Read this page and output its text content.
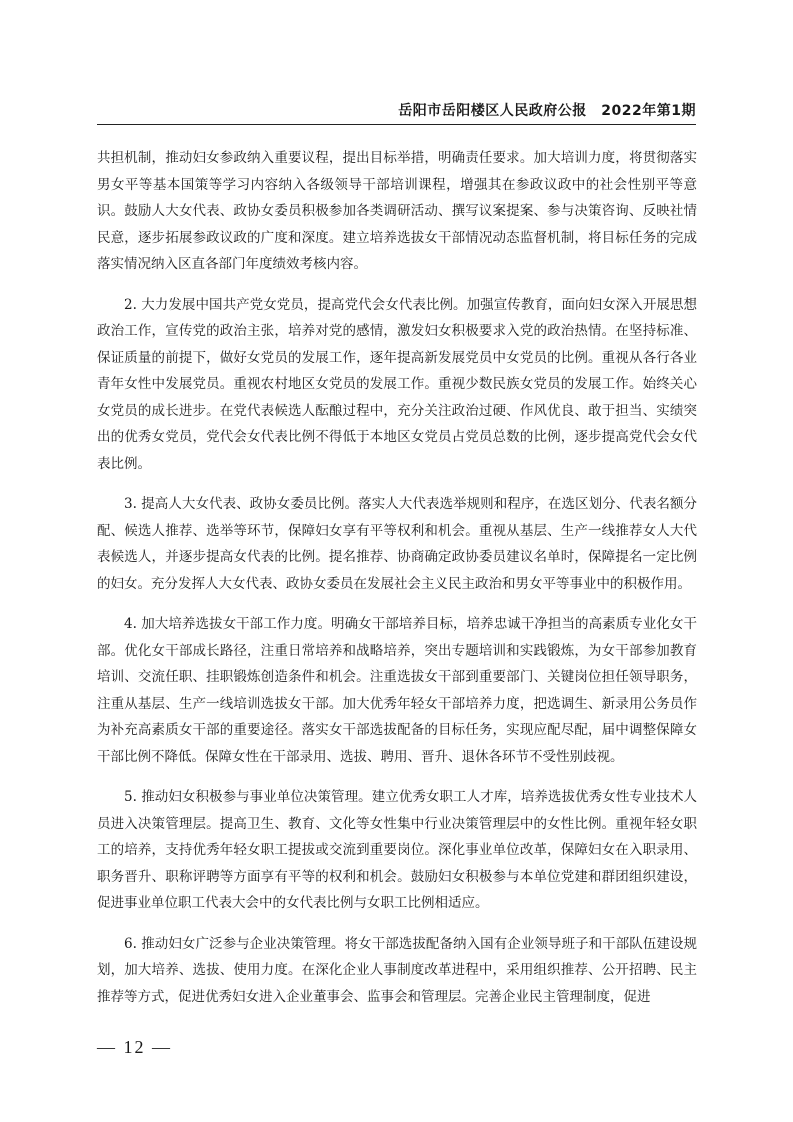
岳阳市岳阳楼区人民政府公报　2022年第1期

共担机制，推动妇女参政纳入重要议程，提出目标举措，明确责任要求。加大培训力度，将贯彻落实男女平等基本国策等学习内容纳入各级领导干部培训课程，增强其在参政议政中的社会性别平等意识。鼓励人大女代表、政协女委员积极参加各类调研活动、撰写议案提案、参与决策咨询、反映社情民意，逐步拓展参政议政的广度和深度。建立培养选拔女干部情况动态监督机制，将目标任务的完成落实情况纳入区直各部门年度绩效考核内容。

2. 大力发展中国共产党女党员，提高党代会女代表比例。加强宣传教育，面向妇女深入开展思想政治工作，宣传党的政治主张，培养对党的感情，激发妇女积极要求入党的政治热情。在坚持标准、保证质量的前提下，做好女党员的发展工作，逐年提高新发展党员中女党员的比例。重视从各行各业青年女性中发展党员。重视农村地区女党员的发展工作。重视少数民族女党员的发展工作。始终关心女党员的成长进步。在党代表候选人酝酿过程中，充分关注政治过硬、作风优良、敢于担当、实绩突出的优秀女党员，党代会女代表比例不得低于本地区女党员占党员总数的比例，逐步提高党代会女代表比例。

3. 提高人大女代表、政协女委员比例。落实人大代表选举规则和程序，在选区划分、代表名额分配、候选人推荐、选举等环节，保障妇女享有平等权利和机会。重视从基层、生产一线推荐女人大代表候选人，并逐步提高女代表的比例。提名推荐、协商确定政协委员建议名单时，保障提名一定比例的妇女。充分发挥人大女代表、政协女委员在发展社会主义民主政治和男女平等事业中的积极作用。

4. 加大培养选拔女干部工作力度。明确女干部培养目标，培养忠诚干净担当的高素质专业化女干部。优化女干部成长路径，注重日常培养和战略培养，突出专题培训和实践锻炼，为女干部参加教育培训、交流任职、挂职锻炼创造条件和机会。注重选拔女干部到重要部门、关键岗位担任领导职务，注重从基层、生产一线培训选拔女干部。加大优秀年轻女干部培养力度，把选调生、新录用公务员作为补充高素质女干部的重要途径。落实女干部选拔配备的目标任务，实现应配尽配，届中调整保障女干部比例不降低。保障女性在干部录用、选拔、聘用、晋升、退休各环节不受性别歧视。

5. 推动妇女积极参与事业单位决策管理。建立优秀女职工人才库，培养选拔优秀女性专业技术人员进入决策管理层。提高卫生、教育、文化等女性集中行业决策管理层中的女性比例。重视年轻女职工的培养，支持优秀年轻女职工提拔或交流到重要岗位。深化事业单位改革，保障妇女在入职录用、职务晋升、职称评聘等方面享有平等的权利和机会。鼓励妇女积极参与本单位党建和群团组织建设，促进事业单位职工代表大会中的女代表比例与女职工比例相适应。

6. 推动妇女广泛参与企业决策管理。将女干部选拔配备纳入国有企业领导班子和干部队伍建设规划，加大培养、选拔、使用力度。在深化企业人事制度改革进程中，采用组织推荐、公开招聘、民主推荐等方式，促进优秀妇女进入企业董事会、监事会和管理层。完善企业民主管理制度，促进

— 12 —
